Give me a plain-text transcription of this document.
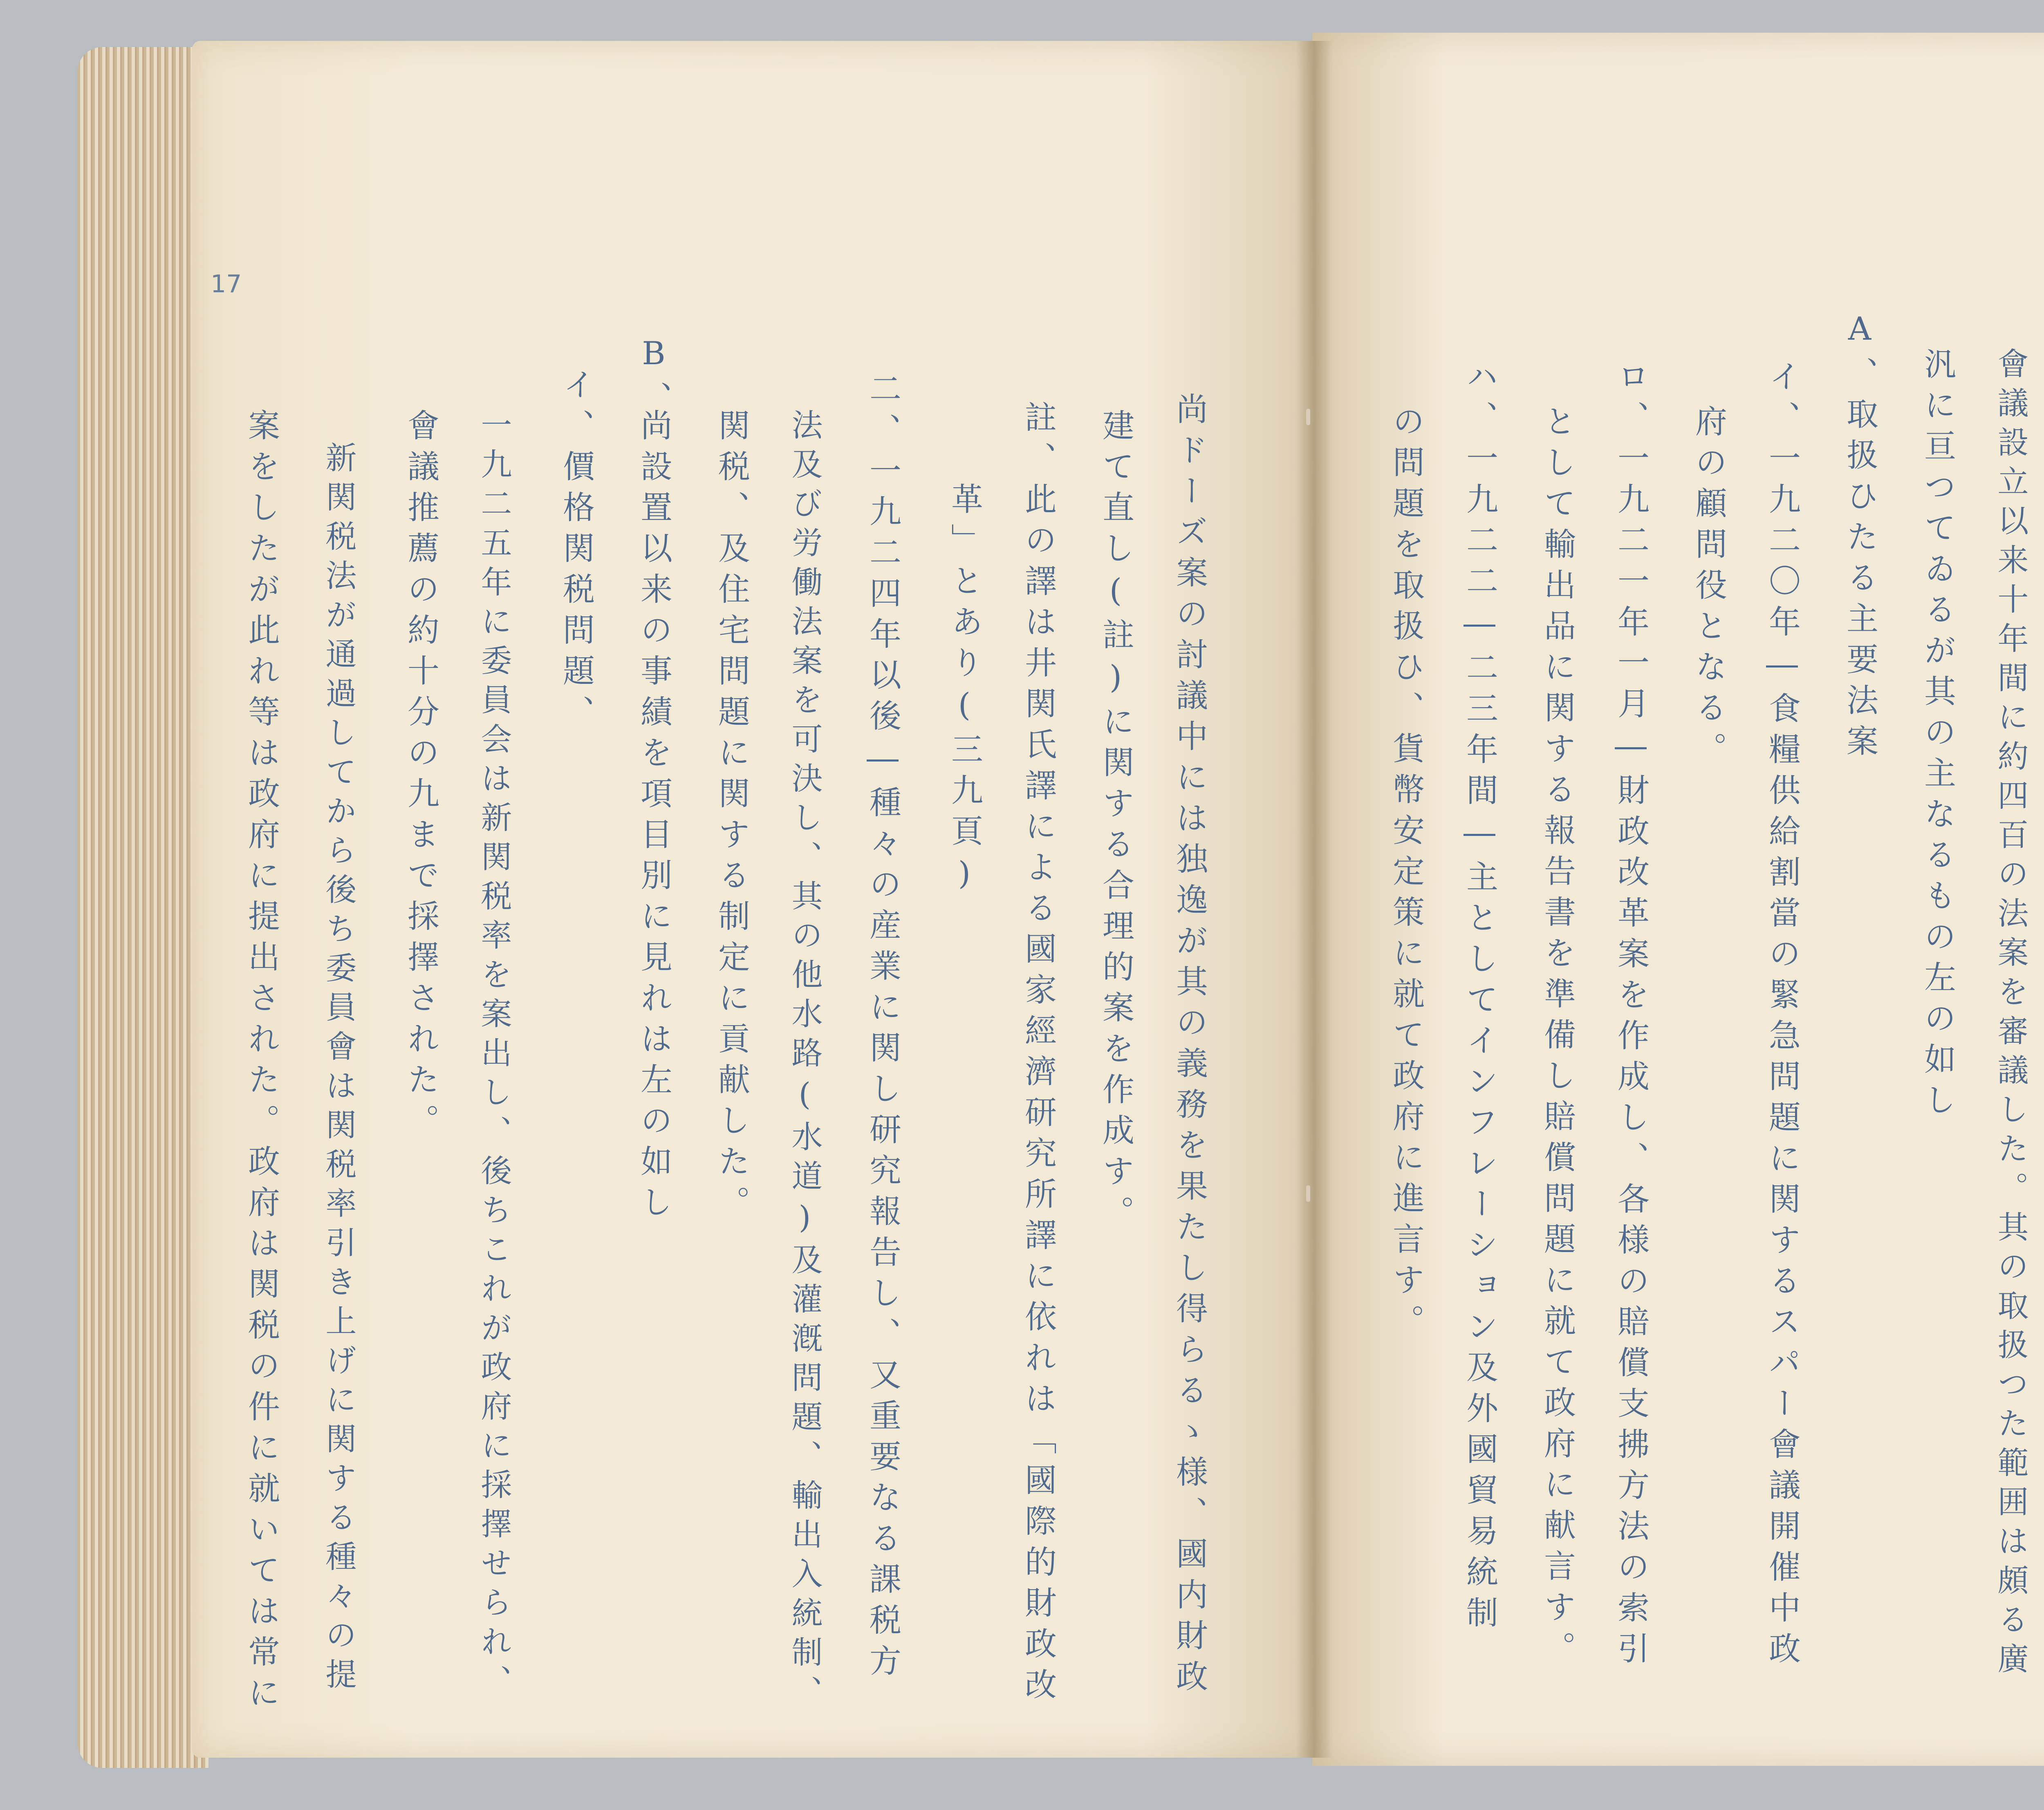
17
會議設立以来十年間に約四百の法案を審議した。其の取扱つた範囲は頗る廣
汎に亘つてゐるが其の主なるもの左の如し
A、取扱ひたる主要法案
イ、一九二〇年―食糧供給割當の緊急問題に関するスパー會議開催中政
府の顧問役となる。
ロ、一九二一年一月―財政改革案を作成し、各様の賠償支拂方法の索引
として輸出品に関する報告書を準備し賠償問題に就て政府に献言す。
ハ、一九二二―二三年間―主としてインフレーション及外國貿易統制
の問題を取扱ひ、貨幣安定策に就て政府に進言す。
尚ドーズ案の討議中には独逸が其の義務を果たし得らるゝ様、國内財政
建て直し(註)に関する合理的案を作成す。
註、此の譯は井関氏譯による國家經濟研究所譯に依れは「國際的財政改
革」とあり(三九頁)
二、一九二四年以後―種々の産業に関し研究報告し、又重要なる課税方
法及び労働法案を可決し、其の他水路(水道)及灌漑問題、輸出入統制、
関税、及住宅問題に関する制定に貢献した。
尚設置以来の事績を項目別に見れは左の如し
B、
イ、價格関税問題、
一九二五年に委員会は新関税率を案出し、後ちこれが政府に採擇せられ、
會議推薦の約十分の九まで採擇された。
新関税法が通過してから後ち委員會は関税率引き上げに関する種々の提
案をしたが此れ等は政府に提出された。政府は関税の件に就いては常に
